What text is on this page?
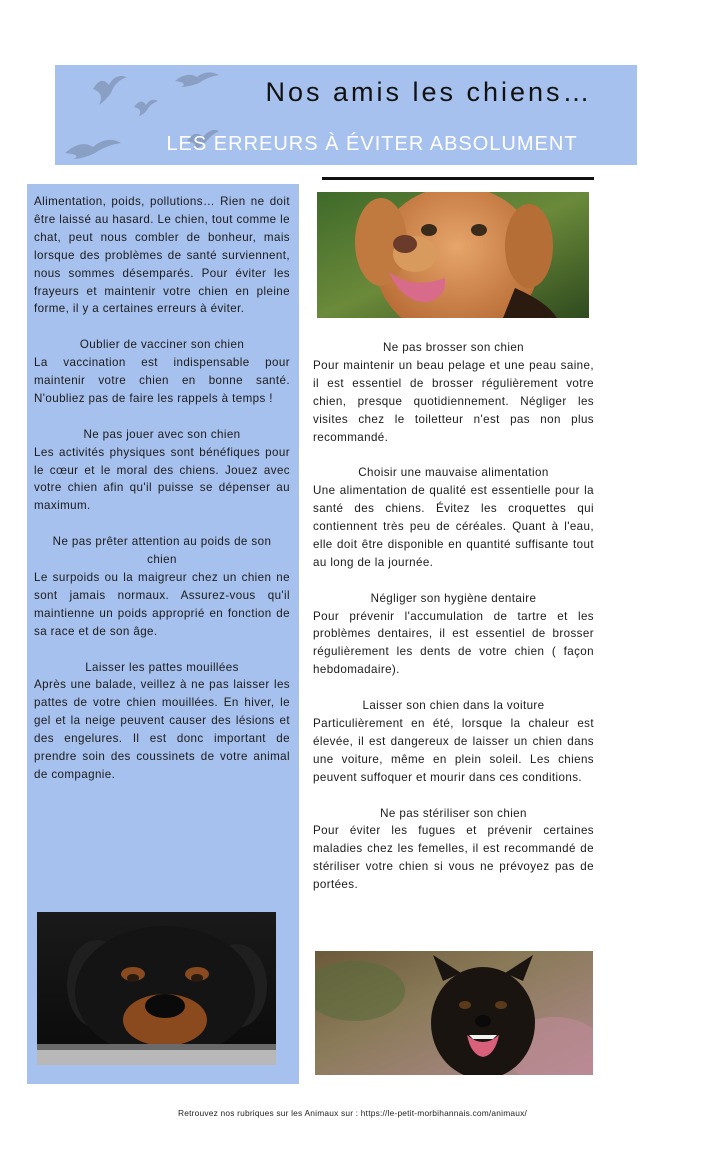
Nos amis les chiens…
LES ERREURS À ÉVITER ABSOLUMENT

Alimentation, poids, pollutions… Rien ne doit être laissé au hasard. Le chien, tout comme le chat, peut nous combler de bonheur, mais lorsque des problèmes de santé surviennent, nous sommes désemparés. Pour éviter les frayeurs et maintenir votre chien en pleine forme, il y a certaines erreurs à éviter.

Oublier de vacciner son chien

La vaccination est indispensable pour maintenir votre chien en bonne santé. N'oubliez pas de faire les rappels à temps !

Ne pas jouer avec son chien

Les activités physiques sont bénéfiques pour le cœur et le moral des chiens. Jouez avec votre chien afin qu'il puisse se dépenser au maximum.

Ne pas prêter attention au poids de son chien

Le surpoids ou la maigreur chez un chien ne sont jamais normaux. Assurez-vous qu'il maintienne un poids approprié en fonction de sa race et de son âge.

Laisser les pattes mouillées

Après une balade, veillez à ne pas laisser les pattes de votre chien mouillées. En hiver, le gel et la neige peuvent causer des lésions et des engelures. Il est donc important de prendre soin des coussinets de votre animal de compagnie.

Ne pas brosser son chien

Pour maintenir un beau pelage et une peau saine, il est essentiel de brosser régulièrement votre chien, presque quotidiennement. Négliger les visites chez le toiletteur n'est pas non plus recommandé.

Choisir une mauvaise alimentation

Une alimentation de qualité est essentielle pour la santé des chiens. Évitez les croquettes qui contiennent très peu de céréales. Quant à l'eau, elle doit être disponible en quantité suffisante tout au long de la journée.

Négliger son hygiène dentaire

Pour prévenir l'accumulation de tartre et les problèmes dentaires, il est essentiel de brosser régulièrement les dents de votre chien ( façon hebdomadaire).

Laisser son chien dans la voiture

Particulièrement en été, lorsque la chaleur est élevée, il est dangereux de laisser un chien dans une voiture, même en plein soleil. Les chiens peuvent suffoquer et mourir dans ces conditions.

Ne pas stériliser son chien

Pour éviter les fugues et prévenir certaines maladies chez les femelles, il est recommandé de stériliser votre chien si vous ne prévoyez pas de portées.

Retrouvez nos rubriques sur les Animaux sur : https://le-petit-morbihannais.com/animaux/
